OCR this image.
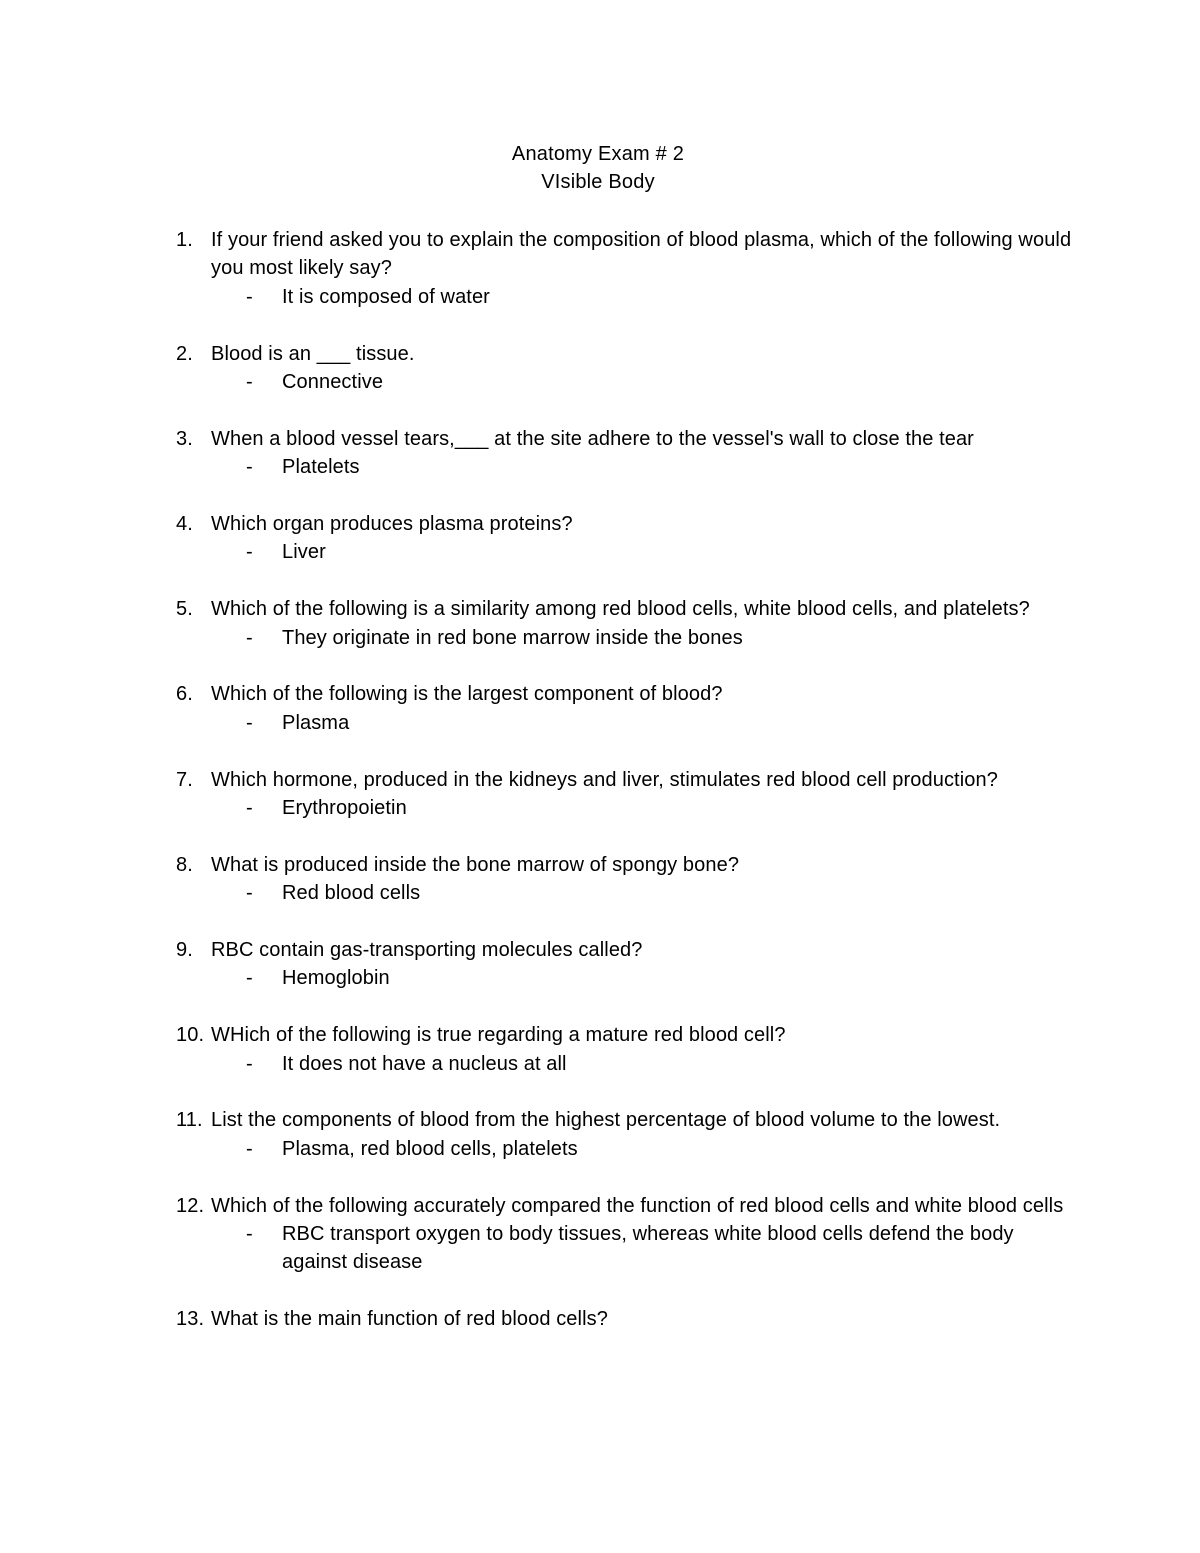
Anatomy Exam # 2
VIsible Body
1. If your friend asked you to explain the composition of blood plasma, which of the following would you most likely say?
- It is composed of water
2. Blood is an ___ tissue.
- Connective
3. When a blood vessel tears,___ at the site adhere to the vessel's wall to close the tear
- Platelets
4. Which organ produces plasma proteins?
- Liver
5. Which of the following is a similarity among red blood cells, white blood cells, and platelets?
- They originate in red bone marrow inside the bones
6. Which of the following is the largest component of blood?
- Plasma
7. Which hormone, produced in the kidneys and liver, stimulates red blood cell production?
- Erythropoietin
8. What is produced inside the bone marrow of spongy bone?
- Red blood cells
9. RBC contain gas-transporting molecules called?
- Hemoglobin
10. WHich of the following is true regarding a mature red blood cell?
- It does not have a nucleus at all
11. List the components of blood from the highest percentage of blood volume to the lowest.
- Plasma, red blood cells, platelets
12. Which of the following accurately compared the function of red blood cells and white blood cells
- RBC transport oxygen to body tissues, whereas white blood cells defend the body against disease
13. What is the main function of red blood cells?
